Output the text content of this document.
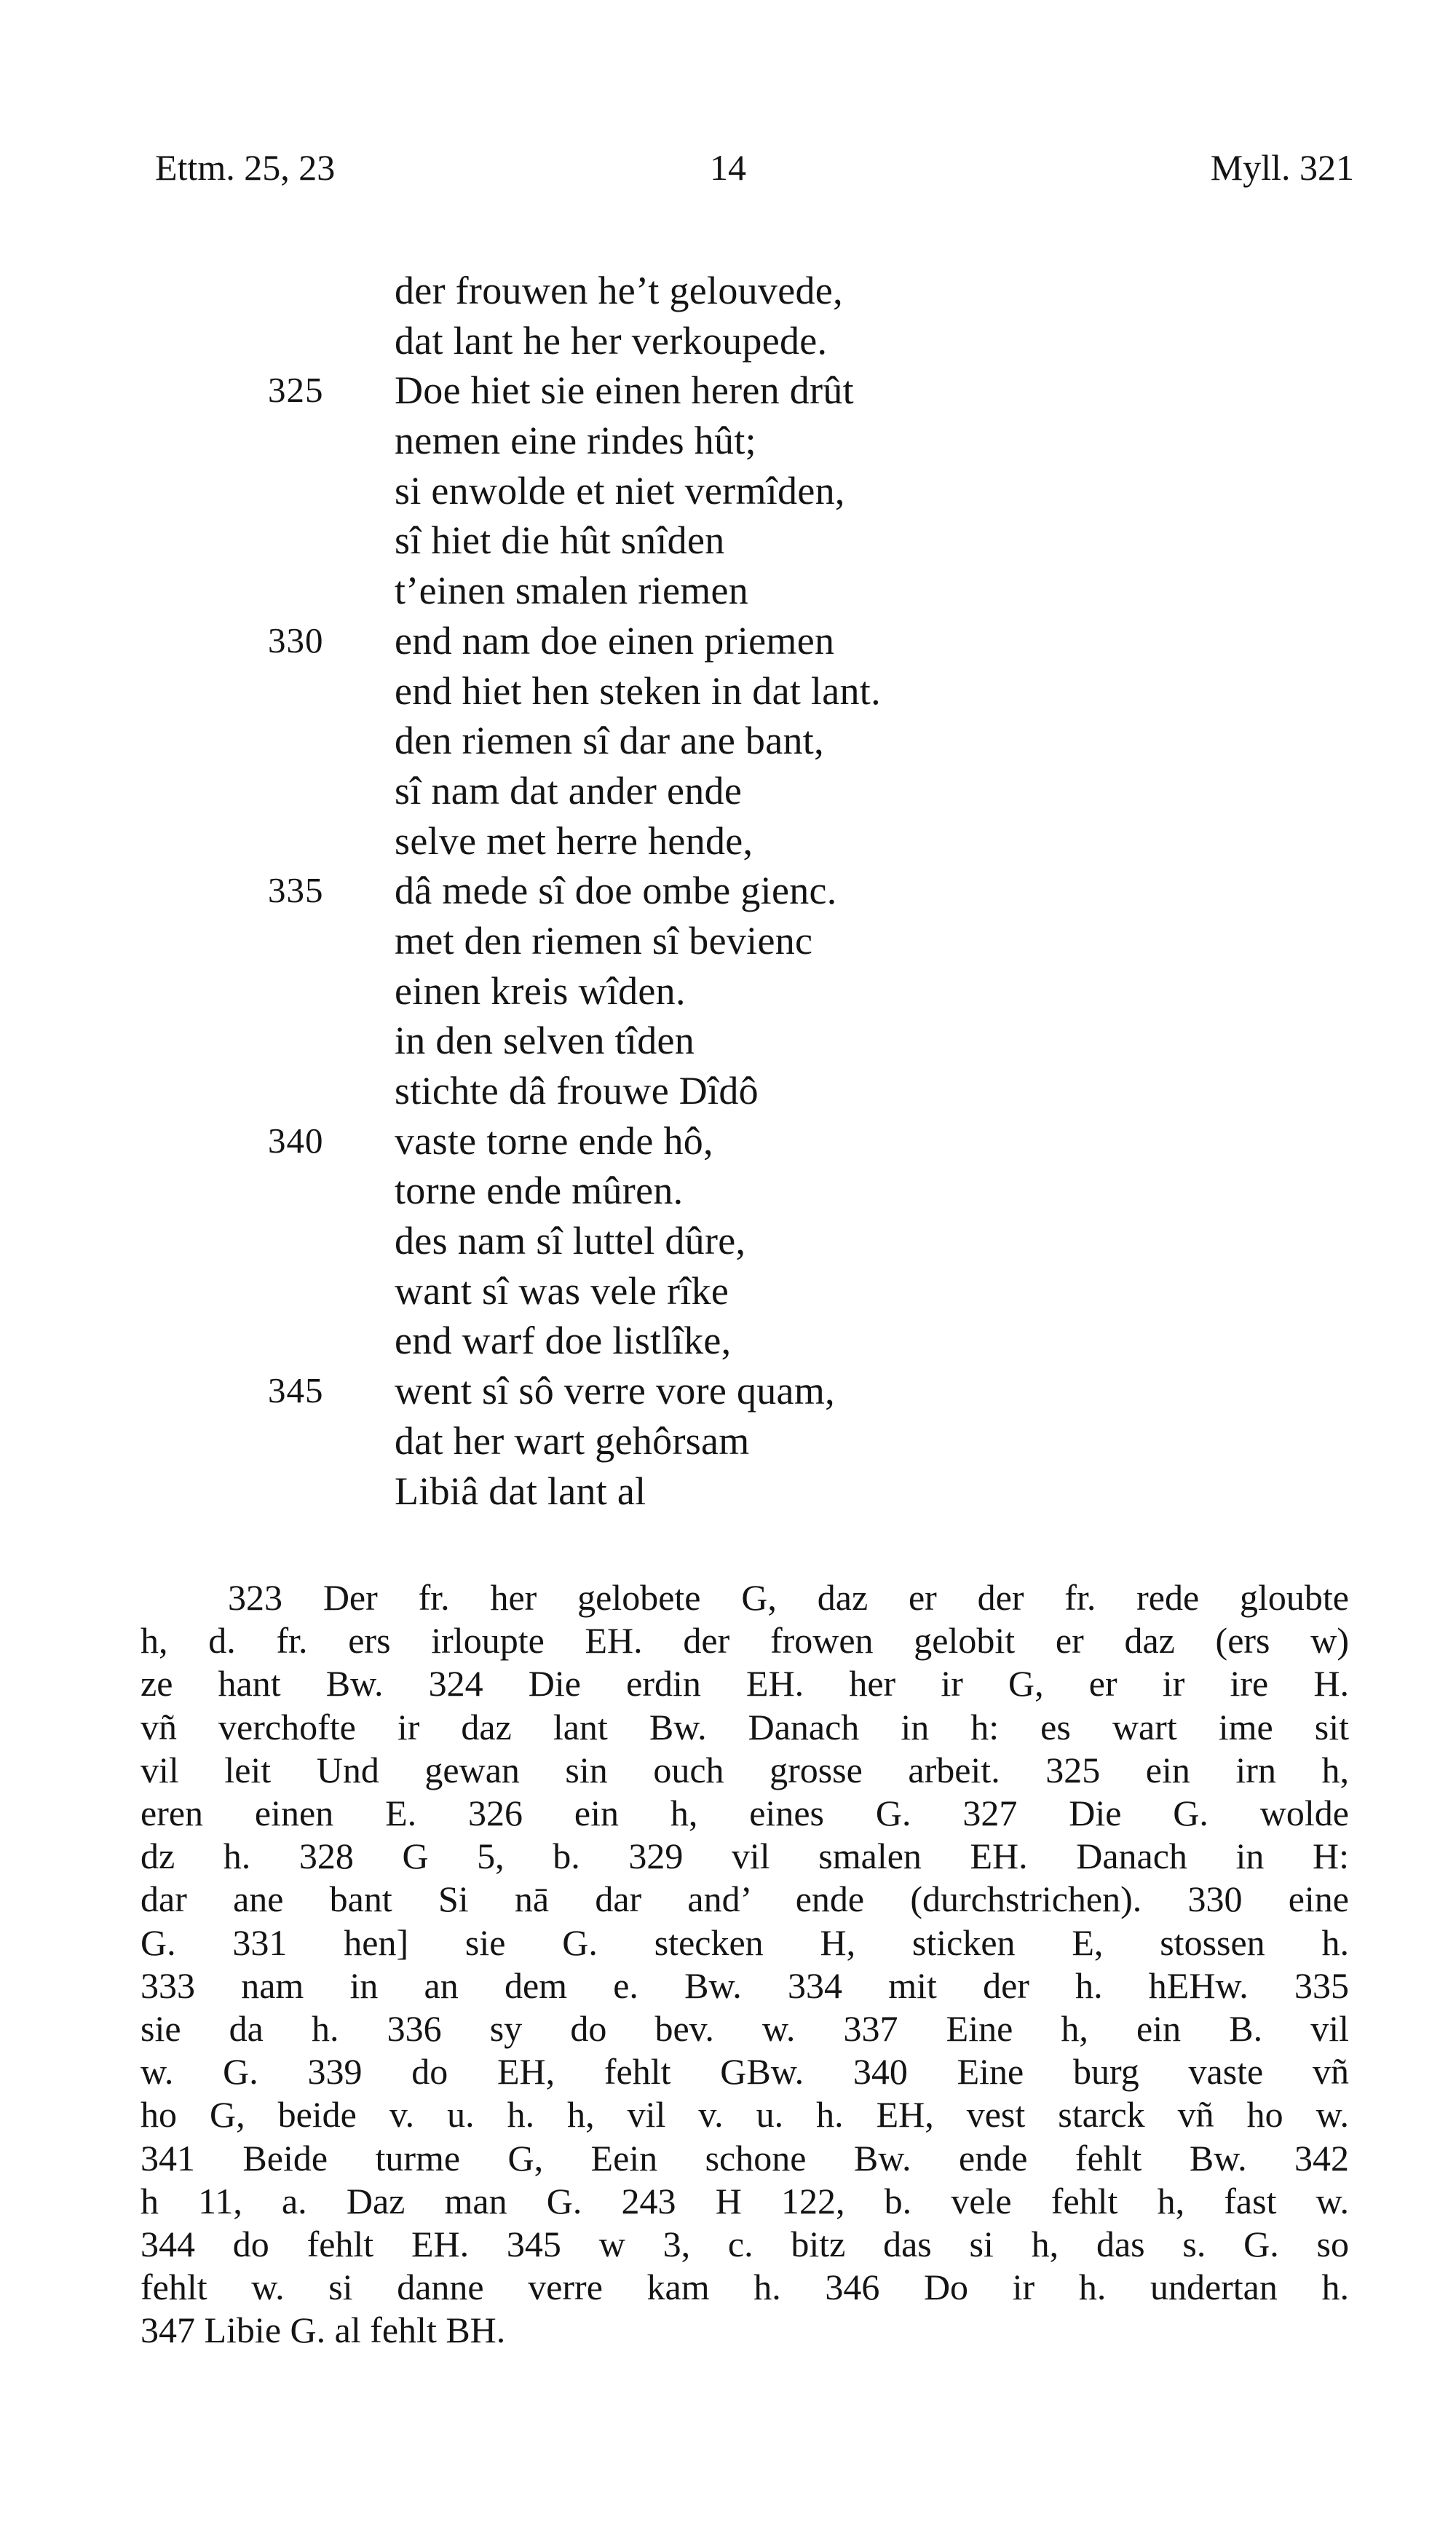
Ettm. 25, 23	14	Myll. 321
der frouwen he’t gelouvede,
dat lant he her verkoupede.
325 Doe hiet sie einen heren drût
nemen eine rindes hût;
si enwolde et niet vermîden,
sî hiet die hût snîden
t’einen smalen riemen
330 end nam doe einen priemen
end hiet hen steken in dat lant.
den riemen sî dar ane bant,
sî nam dat ander ende
selve met herre hende,
335 dâ mede sî doe ombe gienc.
met den riemen sî bevienc
einen kreis wîden.
in den selven tîden
stichte dâ frouwe Dîdô
340 vaste torne ende hô,
torne ende mûren.
des nam sî luttel dûre,
want sî was vele rîke
end warf doe listlîke,
345 went sî sô verre vore quam,
dat her wart gehôrsam
Libiâ dat lant al
323 Der fr. her gelobete G, daz er der fr. rede gloubte
h, d. fr. ers irloupte EH. der frowen gelobit er daz (ers w)
ze hant Bw. 324 Die erdin EH. her ir G, er ir ire H.
vñ verchofte ir daz lant Bw. Danach in h: es wart ime sit
vil leit Und gewan sin ouch grosse arbeit. 325 ein irn h,
eren einen E. 326 ein h, eines G. 327 Die G. wolde
dz h. 328 G 5, b. 329 vil smalen EH. Danach in H:
dar ane bant Si nā dar and’ ende (durchstrichen). 330 eine
G. 331 hen] sie G. stecken H, sticken E, stossen h.
333 nam in an dem e. Bw. 334 mit der h. hEHw. 335
sie da h. 336 sy do bev. w. 337 Eine h, ein B. vil
w. G. 339 do EH, fehlt GBw. 340 Eine burg vaste vñ
ho G, beide v. u. h. h, vil v. u. h. EH, vest starck vñ ho w.
341 Beide turme G, Eein schone Bw. ende fehlt Bw. 342
h 11, a. Daz man G. 243 H 122, b. vele fehlt h, fast w.
344 do fehlt EH. 345 w 3, c. bitz das si h, das s. G. so
fehlt w. si danne verre kam h. 346 Do ir h. undertan h.
347 Libie G. al fehlt BH.
